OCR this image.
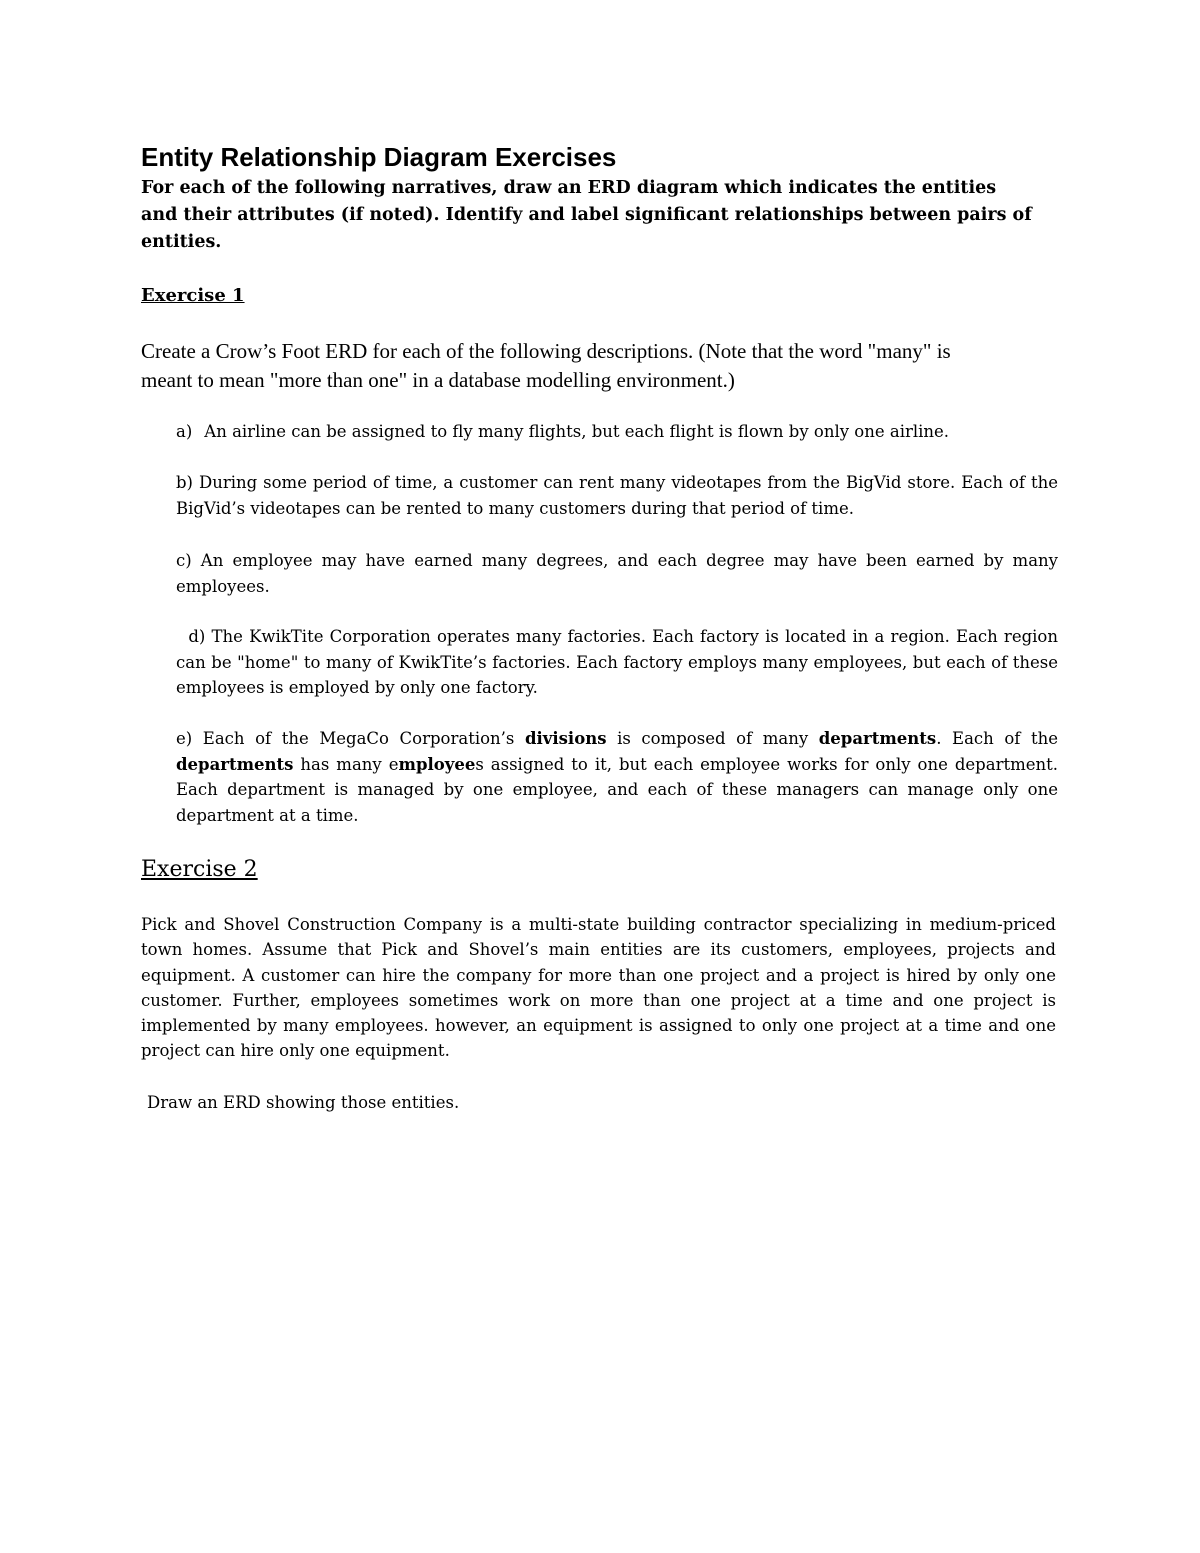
Entity Relationship Diagram Exercises
For each of the following narratives, draw an ERD diagram which indicates the entities
and their attributes (if noted). Identify and label significant relationships between pairs of
entities.
Exercise 1
Create a Crow’s Foot ERD for each of the following descriptions. (Note that the word "many" is
meant to mean "more than one" in a database modelling environment.)
a) An airline can be assigned to fly many flights, but each flight is flown by only one airline.
b) During some period of time, a customer can rent many videotapes from the BigVid store. Each of the BigVid’s videotapes can be rented to many customers during that period of time.
c) An employee may have earned many degrees, and each degree may have been earned by many employees.
d) The KwikTite Corporation operates many factories. Each factory is located in a region. Each region can be "home" to many of KwikTite’s factories. Each factory employs many employees, but each of these employees is employed by only one factory.
e) Each of the MegaCo Corporation’s divisions is composed of many departments. Each of the departments has many employees assigned to it, but each employee works for only one department. Each department is managed by one employee, and each of these managers can manage only one department at a time.
Exercise 2
Pick and Shovel Construction Company is a multi-state building contractor specializing in medium-priced town homes. Assume that Pick and Shovel’s main entities are its customers, employees, projects and equipment. A customer can hire the company for more than one project and a project is hired by only one customer. Further, employees sometimes work on more than one project at a time and one project is implemented by many employees. however, an equipment is assigned to only one project at a time and one project can hire only one equipment.
Draw an ERD showing those entities.
